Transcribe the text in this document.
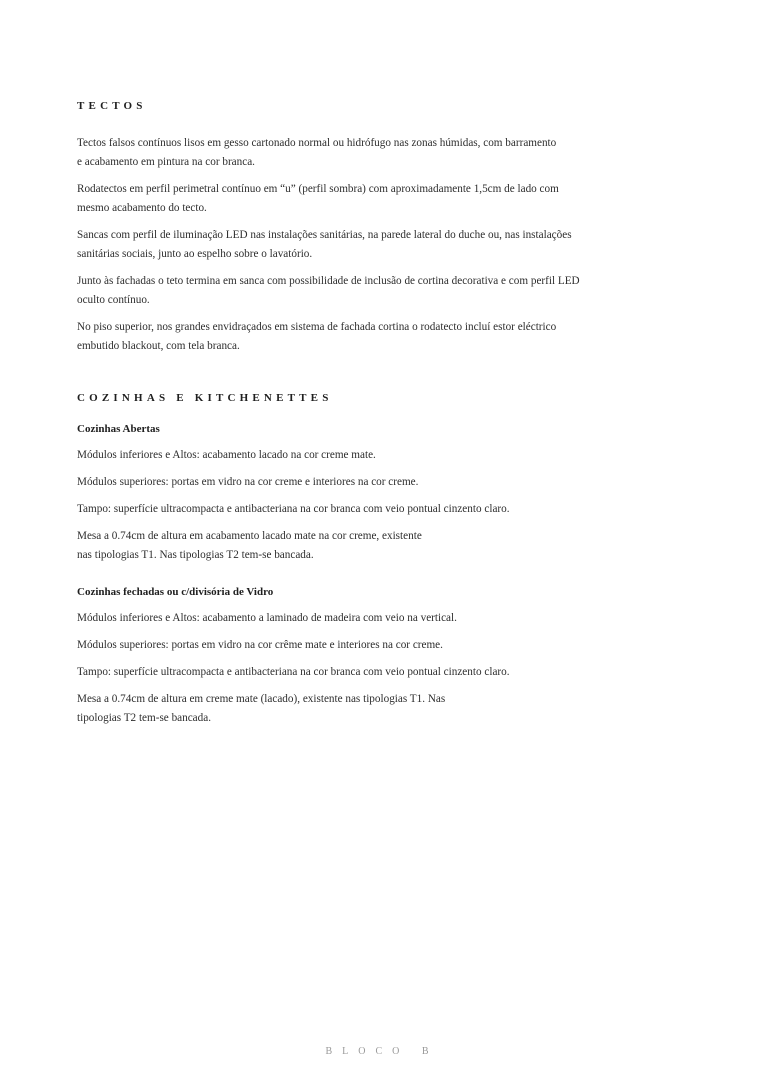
TECTOS

Tectos falsos contínuos lisos em gesso cartonado normal ou hidrófugo nas zonas húmidas, com barramento
e acabamento em pintura na cor branca.

Rodatectos em perfil perimetral contínuo em “u” (perfil sombra) com aproximadamente 1,5cm de lado com
mesmo acabamento do tecto.

Sancas com perfil de iluminação LED nas instalações sanitárias, na parede lateral do duche ou, nas instalações
sanitárias sociais, junto ao espelho sobre o lavatório.

Junto às fachadas o teto termina em sanca com possibilidade de inclusão de cortina decorativa e com perfil LED
oculto contínuo.

No piso superior, nos grandes envidraçados em sistema de fachada cortina o rodatecto incluí estor eléctrico
embutido blackout, com tela branca.

COZINHAS E KITCHENETTES
Cozinhas Abertas

Módulos inferiores e Altos: acabamento lacado na cor creme mate.

Módulos superiores: portas em vidro na cor creme e interiores na cor creme.

Tampo: superfície ultracompacta e antibacteriana na cor branca com veio pontual cinzento claro.

Mesa a 0.74cm de altura em acabamento lacado mate na cor creme, existente
nas tipologias T1. Nas tipologias T2 tem-se bancada.

Cozinhas fechadas ou c/divisória de Vidro

Módulos inferiores e Altos: acabamento a laminado de madeira com veio na vertical.

Módulos superiores: portas em vidro na cor crême mate e interiores na cor creme.

Tampo: superfície ultracompacta e antibacteriana na cor branca com veio pontual cinzento claro.

Mesa a 0.74cm de altura em creme mate (lacado), existente nas tipologias T1. Nas
tipologias T2 tem-se bancada.

BLOCO B
